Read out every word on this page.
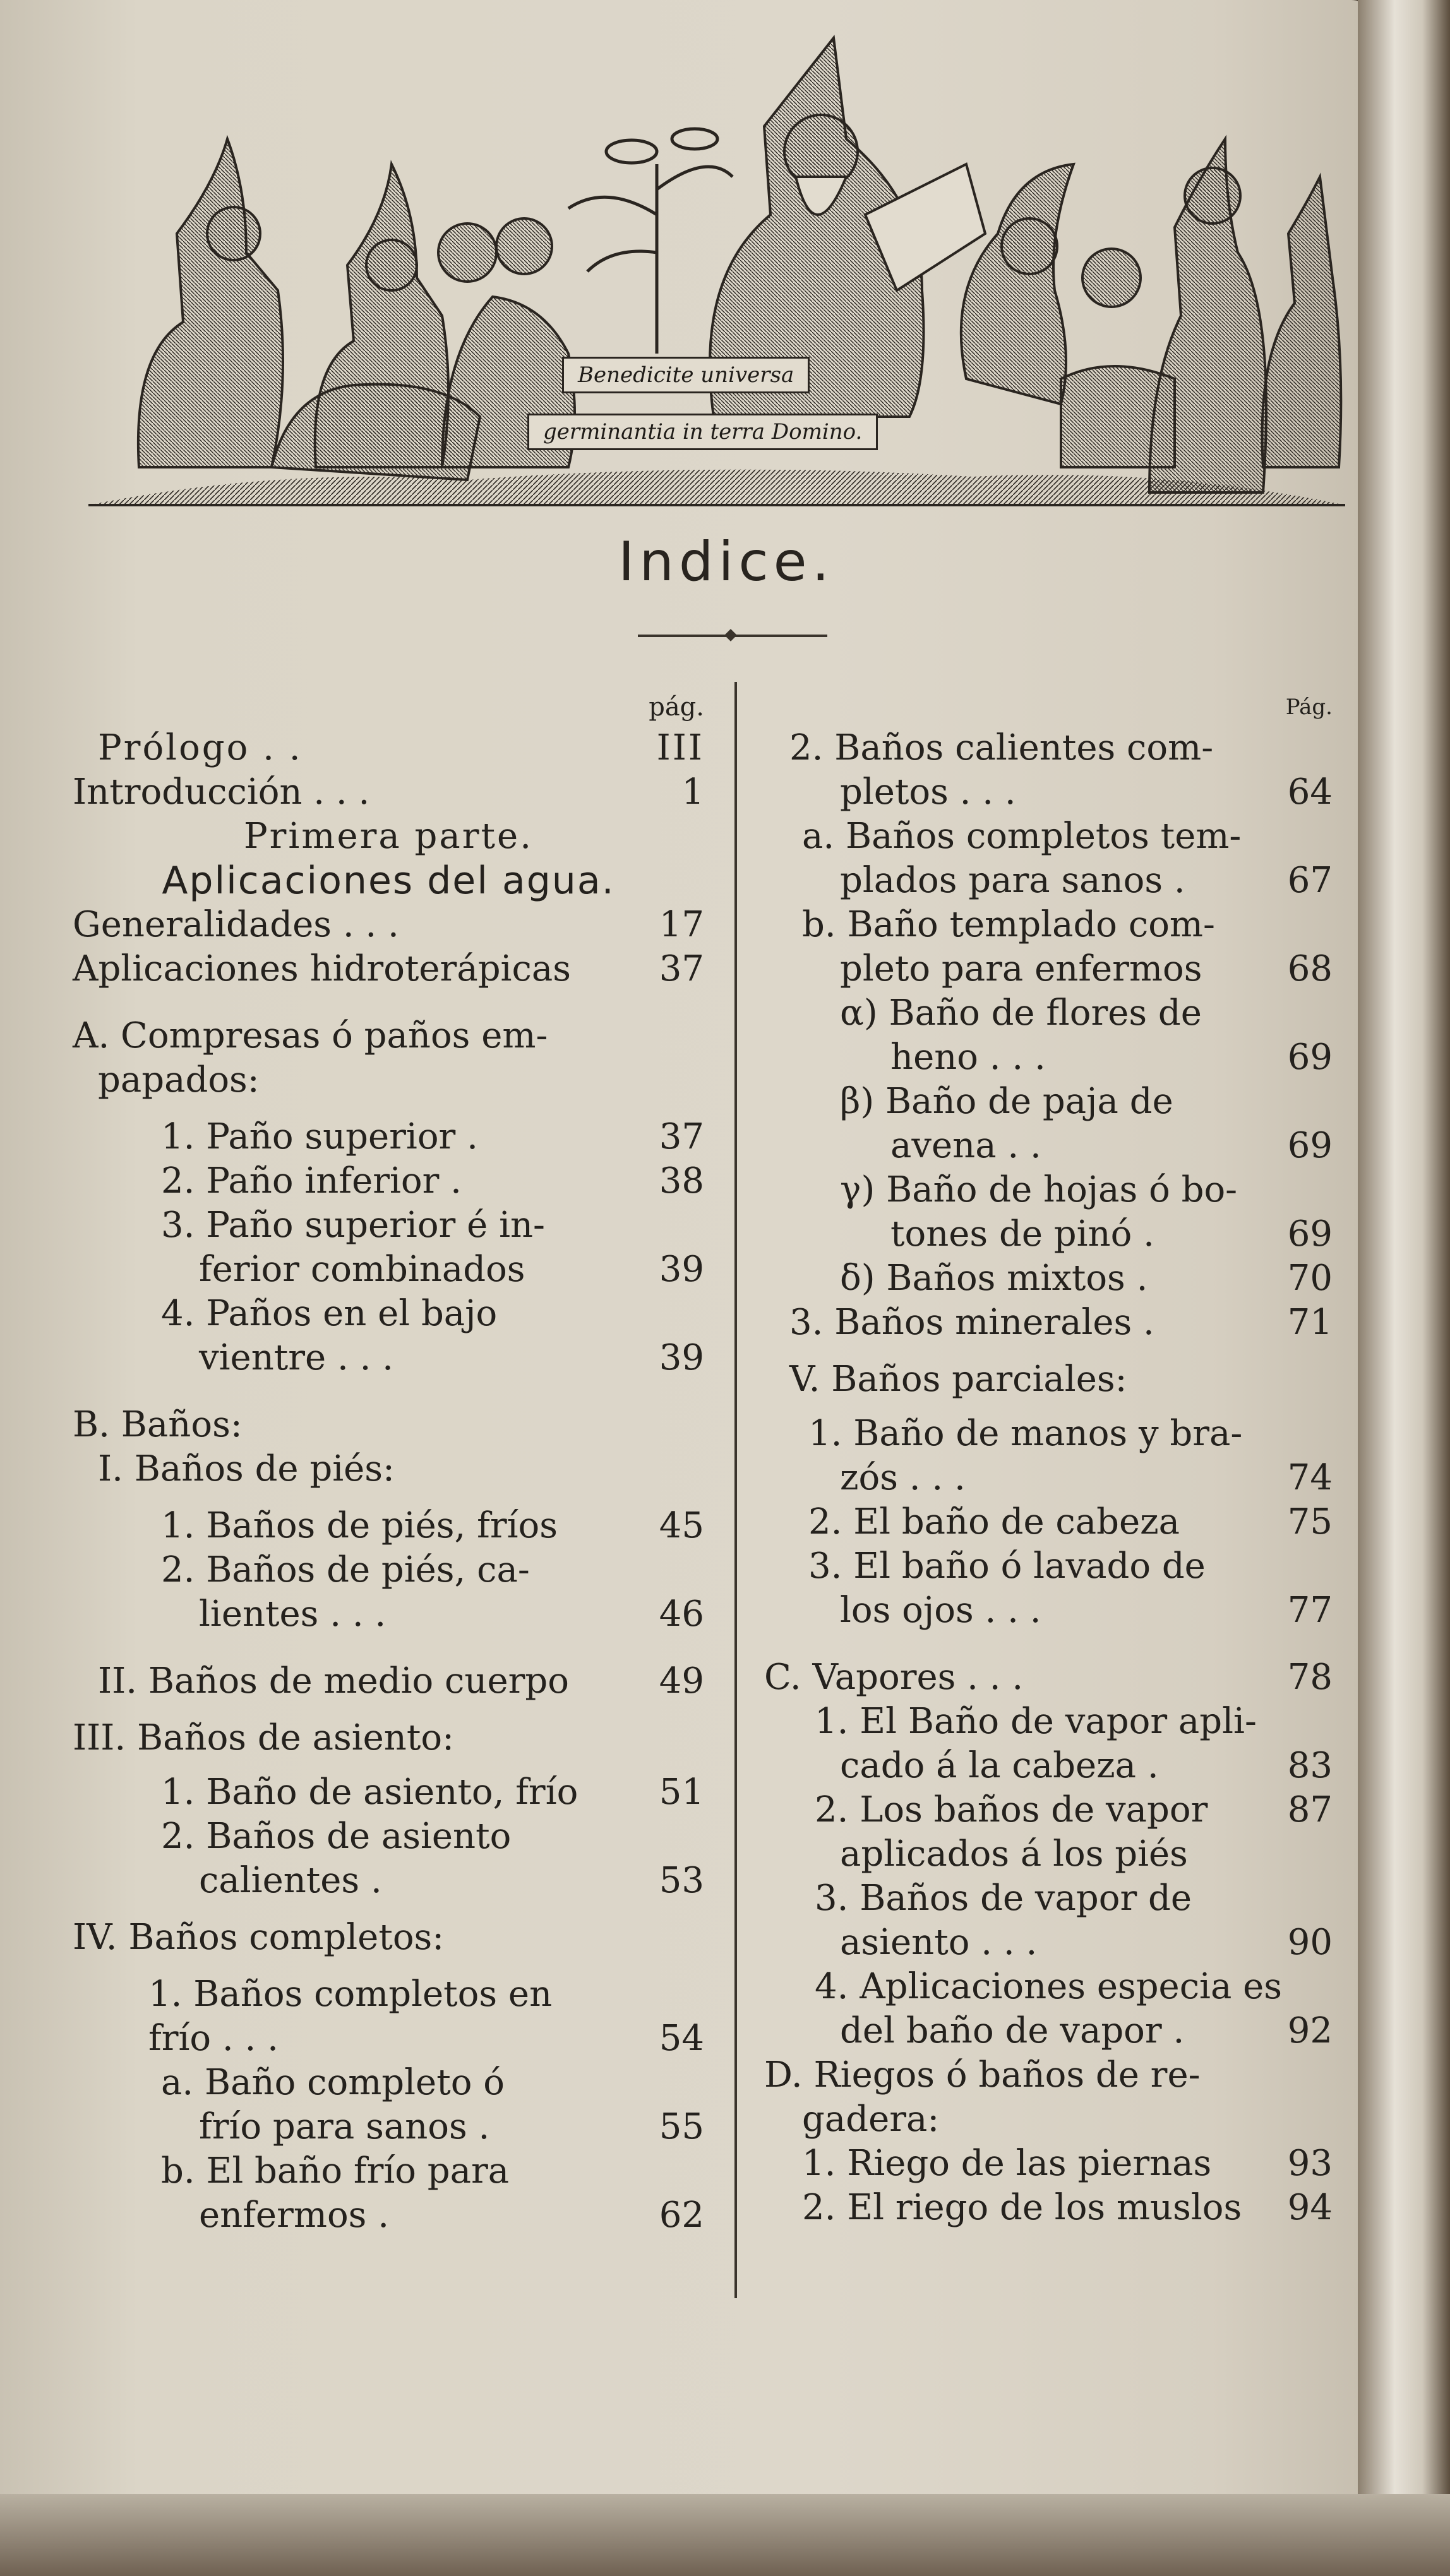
Benedicite universa
germinantia in terra Domino.
Indice.
pág.
Prólogo . .	III
Introducción . . .	1
Primera parte.
Aplicaciones del agua.
Generalidades . . .	17
Aplicaciones hidroterápicas 37
A. Compresas ó paños em-
papados:
1. Paño superior .	37
2. Paño inferior .	38
3. Paño superior é in-
ferior combinados	39
4. Paños en el bajo
vientre . . .	39
B. Baños:
I. Baños de piés:
1. Baños de piés, fríos	45
2. Baños de piés, ca-
lientes . . .	46
II. Baños de medio cuerpo	49
III. Baños de asiento:
1. Baño de asiento, frío 51
2. Baños de asiento
calientes .	53
IV. Baños completos:
1. Baños completos en
frío . . .	54
a. Baño completo ó
frío para sanos .	55
b. El baño frío para
enfermos .	62
Pág.
2. Baños calientes com-
pletos . . .	64
a. Baños completos tem-
plados para sanos .	67
b. Baño templado com-
pleto para enfermos 68
α) Baño de flores de
heno . . .	69
β) Baño de paja de
avena . .	69
γ) Baño de hojas ó bo-
tones de pinó .	69
δ) Baños mixtos .	70
3. Baños minerales .	71
V. Baños parciales:
1. Baño de manos y bra-
zós . . .	74
2. El baño de cabeza	75
3. El baño ó lavado de
los ojos . . .	77
C. Vapores . . .	78
1. El Baño de vapor apli-
cado á la cabeza .	83
2. Los baños de vapor 87
aplicados á los piés
3. Baños de vapor de
asiento . . .	90
4. Aplicaciones especia es
del baño de vapor .	92
D. Riegos ó baños de re-
gadera:
1. Riego de las piernas 93
2. El riego de los muslos 94
